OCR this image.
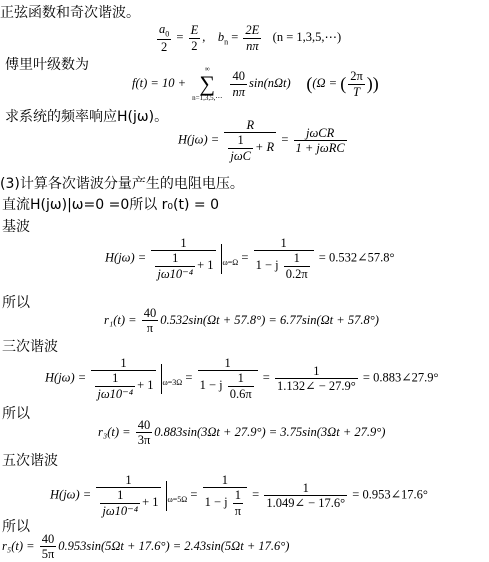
正弦函数和奇次谐波。
$\frac{a_0}{2} = \frac{E}{2}$ ,    $b_n = \frac{2E}{n\pi} (n$ = 1,3,5,⋯)
傅里叶级数为
f(t) = 10 +
∞
∑
n=1,3,5,⋯
$\frac{40}{n\pi} \sin(n\Omega t) ((\Omega$ = ( $\frac{2\pi}{T}$ ))
求系统的频率响应H(jω)。
$H(j\omega) = \frac{R}{\frac{1}{\text{jωC}} + R} = \frac{\text{jωCR}}{\text{1 + jωRC}}$
(3)计算各次谐波分量产生的电阻电压。
直流H(jω)|ω=0 =0所以 r₀(t) = 0
基波
$H(j\omega) = \frac{1}{\frac{1}{\text{jω10⁻⁴}} + 1} _{\omega=\Omega} = \frac{1}{1 - j \frac{1}{0.2\pi}}$ = 0.532∠57.8°
所以
$r_1(t) = \frac{40}{\pi} 0.532\sin(\Omega t + 57.8^\circ) = 6.77\sin(\Omega t + 57.8^\circ)$
三次谐波
$H(j\omega) = \frac{1}{\frac{1}{\text{jω10⁻⁴}} + 1} _{\omega=3\Omega} = \frac{1}{1 - j \frac{1}{0.6\pi}} = \frac{1}{1.132\angle - 27.9^\circ}$ = 0.883∠27.9°
所以
$r_3(t) = \frac{40}{3\pi} 0.883\sin(3\Omega t + 27.9^\circ) = 3.75\sin(3\Omega t + 27.9^\circ)$
五次谐波
$H(j\omega) = \frac{1}{\frac{1}{\text{jω10⁻⁴}} + 1} _{\omega=5\Omega} = \frac{1}{1 - j \frac{1}{\pi}} = \frac{1}{1.049\angle - 17.6^\circ}$ = 0.953∠17.6°
所以
$r_5(t) = \frac{40}{5\pi} 0.953\sin(5\Omega t + 17.6^\circ) = 2.43\sin(5\Omega t + 17.6^\circ)$
